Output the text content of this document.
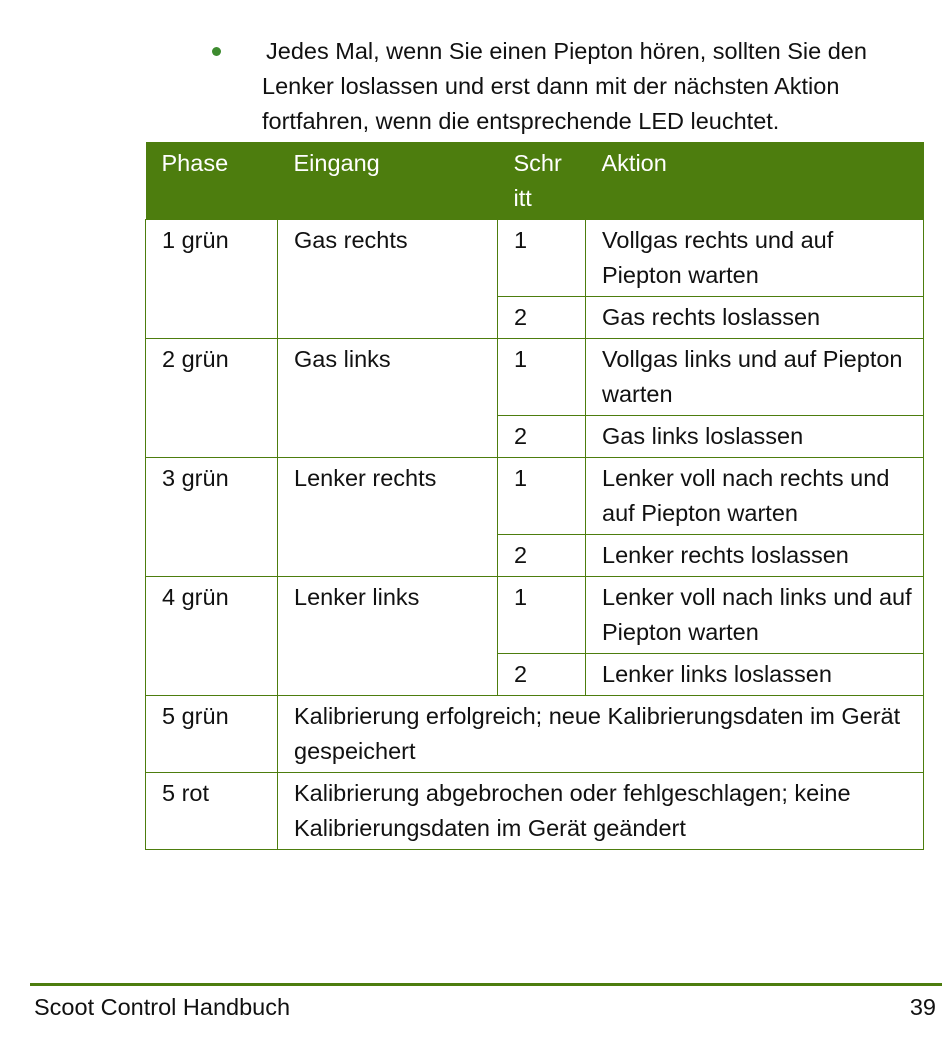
Jedes Mal, wenn Sie einen Piepton hören, sollten Sie den
Lenker loslassen und erst dann mit der nächsten Aktion
fortfahren, wenn die entsprechende LED leuchtet.
Phase	Eingang	Schr itt	Aktion
1 grün	Gas rechts	1	Vollgas rechts und auf Piepton warten
		2	Gas rechts loslassen
2 grün	Gas links	1	Vollgas links und auf Piepton warten
		2	Gas links loslassen
3 grün	Lenker rechts	1	Lenker voll nach rechts und auf Piepton warten
		2	Lenker rechts loslassen
4 grün	Lenker links	1	Lenker voll nach links und auf Piepton warten
		2	Lenker links loslassen
5 grün	Kalibrierung erfolgreich; neue Kalibrierungsdaten im Gerät gespeichert		
5 rot	Kalibrierung abgebrochen oder fehlgeschlagen; keine Kalibrierungsdaten im Gerät geändert		
Scoot Control Handbuch	39
